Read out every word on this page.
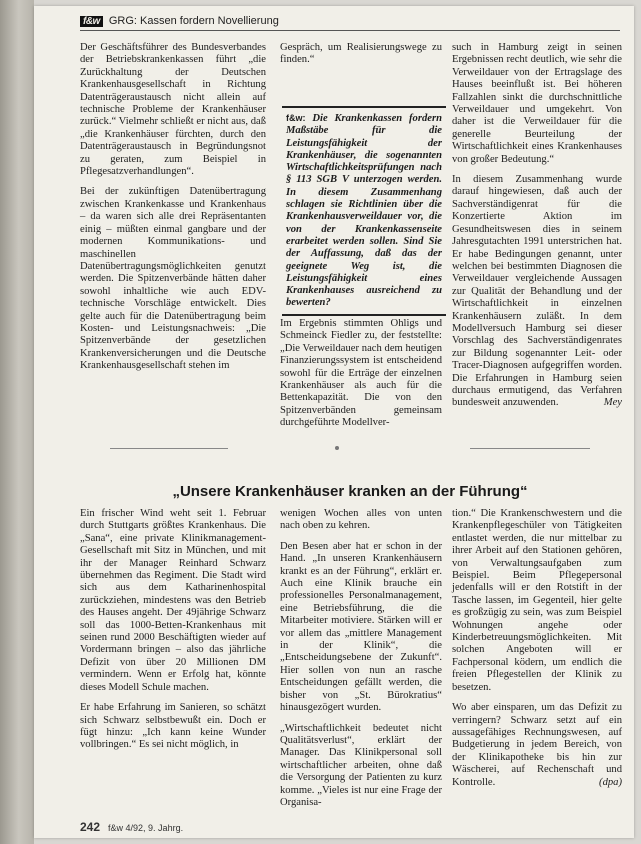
f&w GRG: Kassen fordern Novellierung

Der Geschäftsführer des Bundesverbandes der Betriebskrankenkassen führt „die Zurückhaltung der Deutschen Krankenhausgesellschaft in Richtung Datenträgeraustausch nicht allein auf technische Probleme der Krankenhäuser zurück.“ Vielmehr schließt er nicht aus, daß „die Krankenhäuser fürchten, durch den Datenträgeraustausch in Begründungsnot zu geraten, zum Beispiel in Pflegesatzverhandlungen“.

Bei der zukünftigen Datenübertragung zwischen Krankenkasse und Krankenhaus – da waren sich alle drei Repräsentanten einig – müßten einmal gangbare und der modernen Kommunikations- und maschinellen Datenübertragungsmöglichkeiten genutzt werden. Die Spitzenverbände hätten daher sowohl inhaltliche wie auch EDV-technische Vorschläge entwickelt. Dies gelte auch für die Datenübertragung beim Kosten- und Leistungsnachweis: „Die Spitzenverbände der gesetzlichen Krankenversicherungen und die Deutsche Krankenhausgesellschaft stehen im

Gespräch, um Realisierungswege zu finden.“

f&w: Die Krankenkassen fordern Maßstäbe für die Leistungsfähigkeit der Krankenhäuser, die sogenannten Wirtschaftlichkeitsprüfungen nach § 113 SGB V unterzogen werden. In diesem Zusammenhang schlagen sie Richtlinien über die Krankenhausverweildauer vor, die von der Krankenkassenseite erarbeitet werden sollen. Sind Sie der Auffassung, daß das der geeignete Weg ist, die Leistungsfähigkeit eines Krankenhauses ausreichend zu bewerten?

Im Ergebnis stimmten Ohligs und Schmeinck Fiedler zu, der feststellte: „Die Verweildauer nach dem heutigen Finanzierungssystem ist entscheidend sowohl für die Erträge der einzelnen Krankenhäuser als auch für die Bettenkapazität. Die von den Spitzenverbänden gemeinsam durchgeführte Modellver-

such in Hamburg zeigt in seinen Ergebnissen recht deutlich, wie sehr die Verweildauer von der Ertragslage des Hauses beeinflußt ist. Bei höheren Fallzahlen sinkt die durchschnittliche Verweildauer und umgekehrt. Von daher ist die Verweildauer für die generelle Beurteilung der Wirtschaftlichkeit eines Krankenhauses von großer Bedeutung.“

In diesem Zusammenhang wurde darauf hingewiesen, daß auch der Sachverständigenrat für die Konzertierte Aktion im Gesundheitswesen dies in seinem Jahresgutachten 1991 unterstrichen hat. Er habe Bedingungen genannt, unter welchen bei bestimmten Diagnosen die Verweildauer vergleichende Aussagen zur Qualität der Behandlung und der Wirtschaftlichkeit in einzelnen Krankenhäusern zuläßt. In dem Modellversuch Hamburg sei dieser Vorschlag des Sachverständigenrates zur Bildung sogenannter Leit- oder Tracer-Diagnosen aufgegriffen worden. Die Erfahrungen in Hamburg seien durchaus ermutigend, das Verfahren bundesweit anzuwenden.	Mey

„Unsere Krankenhäuser kranken an der Führung“

Ein frischer Wind weht seit 1. Februar durch Stuttgarts größtes Krankenhaus. Die „Sana“, eine private Klinikmanagement-Gesellschaft mit Sitz in München, und mit ihr der Manager Reinhard Schwarz übernehmen das Regiment. Die Stadt wird sich aus dem Katharinenhospital zurückziehen, mindestens was den Betrieb des Hauses angeht. Der 49jährige Schwarz soll das 1000-Betten-Krankenhaus mit seinen rund 2000 Beschäftigten wieder auf Vordermann bringen – also das jährliche Defizit von über 20 Millionen DM vermindern. Wenn er Erfolg hat, könnte dieses Modell Schule machen.

Er habe Erfahrung im Sanieren, so schätzt sich Schwarz selbstbewußt ein. Doch er fügt hinzu: „Ich kann keine Wunder vollbringen.“ Es sei nicht möglich, in

wenigen Wochen alles von unten nach oben zu kehren.

Den Besen aber hat er schon in der Hand. „In unseren Krankenhäusern krankt es an der Führung“, erklärt er. Auch eine Klinik brauche ein professionelles Personalmanagement, eine Betriebsführung, die die Mitarbeiter motiviere. Stärken will er vor allem das „mittlere Management in der Klinik“, die „Entscheidungsebene der Zukunft“. Hier sollen von nun an rasche Entscheidungen gefällt werden, die bisher von „St. Bürokratius“ hinausgezögert wurden.

„Wirtschaftlichkeit bedeutet nicht Qualitätsverlust“, erklärt der Manager. Das Klinikpersonal soll wirtschaftlicher arbeiten, ohne daß die Versorgung der Patienten zu kurz komme. „Vieles ist nur eine Frage der Organisa-

tion.“ Die Krankenschwestern und die Krankenpflegeschüler von Tätigkeiten entlastet werden, die nur mittelbar zu ihrer Arbeit auf den Stationen gehören, von Verwaltungsaufgaben zum Beispiel. Beim Pflegepersonal jedenfalls will er den Rotstift in der Tasche lassen, im Gegenteil, hier gelte es großzügig zu sein, was zum Beispiel Wohnungen angehe oder Kinderbetreuungsmöglichkeiten. Mit solchen Angeboten will er Fachpersonal ködern, um endlich die freien Pflegestellen der Klinik zu besetzen.

Wo aber einsparen, um das Defizit zu verringern? Schwarz setzt auf ein aussagefähiges Rechnungswesen, auf Budgetierung in jedem Bereich, von der Klinikapotheke bis hin zur Wäscherei, auf Rechenschaft und Kontrolle.	(dpa)

242 f&w 4/92, 9. Jahrg.
